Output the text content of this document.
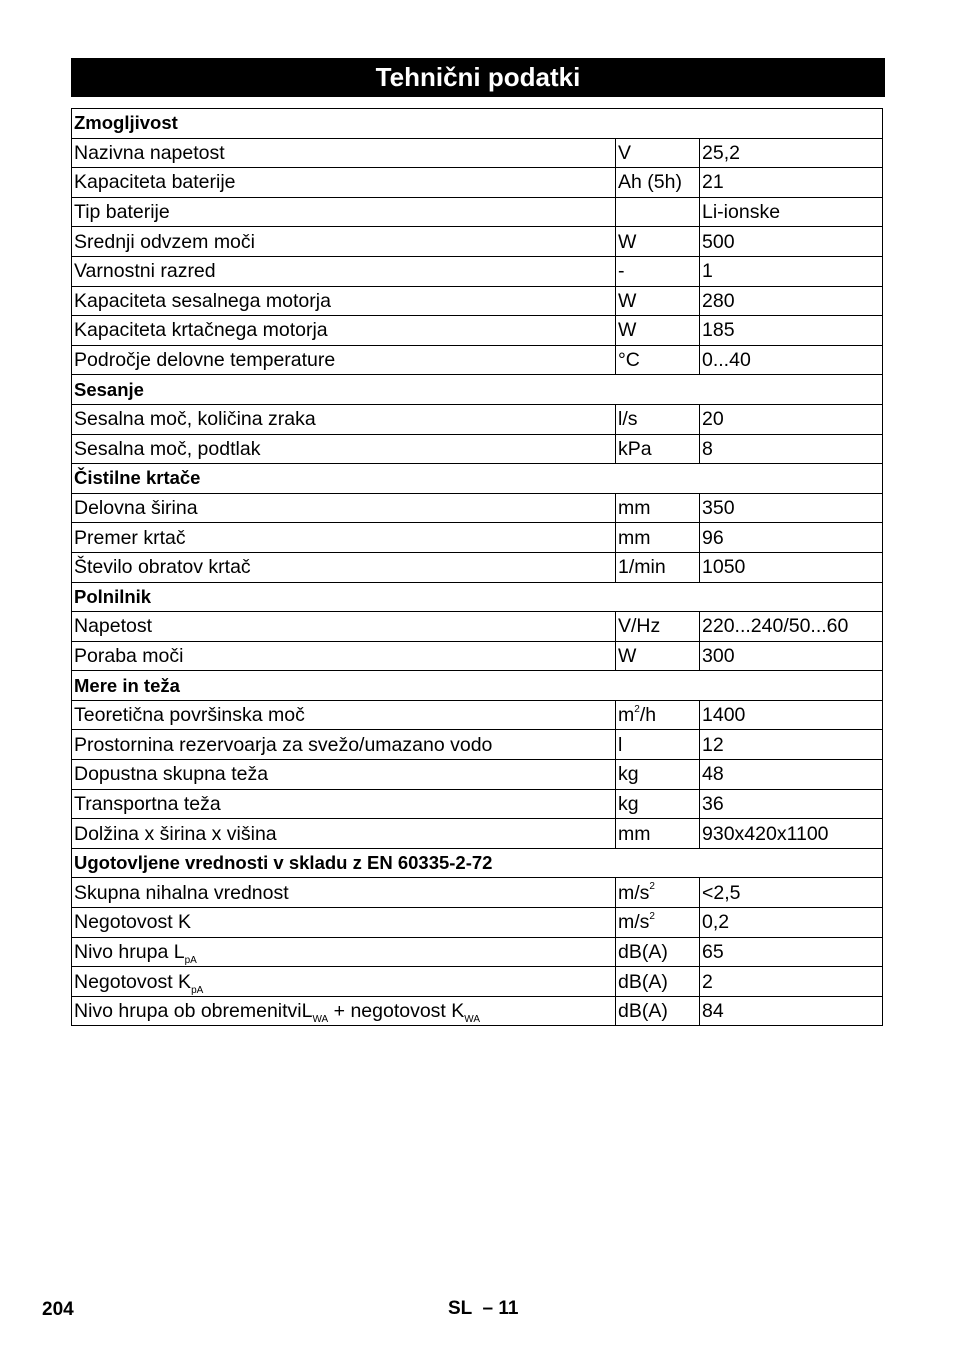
Tehnični podatki
Zmogljivost		
Nazivna napetost	V	25,2
Kapaciteta baterije	Ah (5h)	21
Tip baterije		Li-ionske
Srednji odvzem moči	W	500
Varnostni razred	-	1
Kapaciteta sesalnega motorja	W	280
Kapaciteta krtačnega motorja	W	185
Področje delovne temperature	°C	0...40
Sesanje		
Sesalna moč, količina zraka	l/s	20
Sesalna moč, podtlak	kPa	8
Čistilne krtače		
Delovna širina	mm	350
Premer krtač	mm	96
Število obratov krtač	1/min	1050
Polnilnik		
Napetost	V/Hz	220...240/50...60
Poraba moči	W	300
Mere in teža		
Teoretična površinska moč	$m^2/h$	1400
Prostornina rezervoarja za svežo/umazano vodo	l	12
Dopustna skupna teža	kg	48
Transportna teža	kg	36
Dolžina x širina x višina	mm	930x420x1100
Ugotovljene vrednosti v skladu z EN 60335-2-72		
Skupna nihalna vrednost	$m/s^2$	<2,5
Negotovost K	$m/s^2$	0,2
Nivo hrupa $L_{pA}$	dB(A)	65
Negotovost $K_{pA}$	dB(A)	2
Nivo hrupa ob obremenitviL$_{WA}$ + negotovost $K_{WA}$	dB(A)	84
204	SL  – 11
